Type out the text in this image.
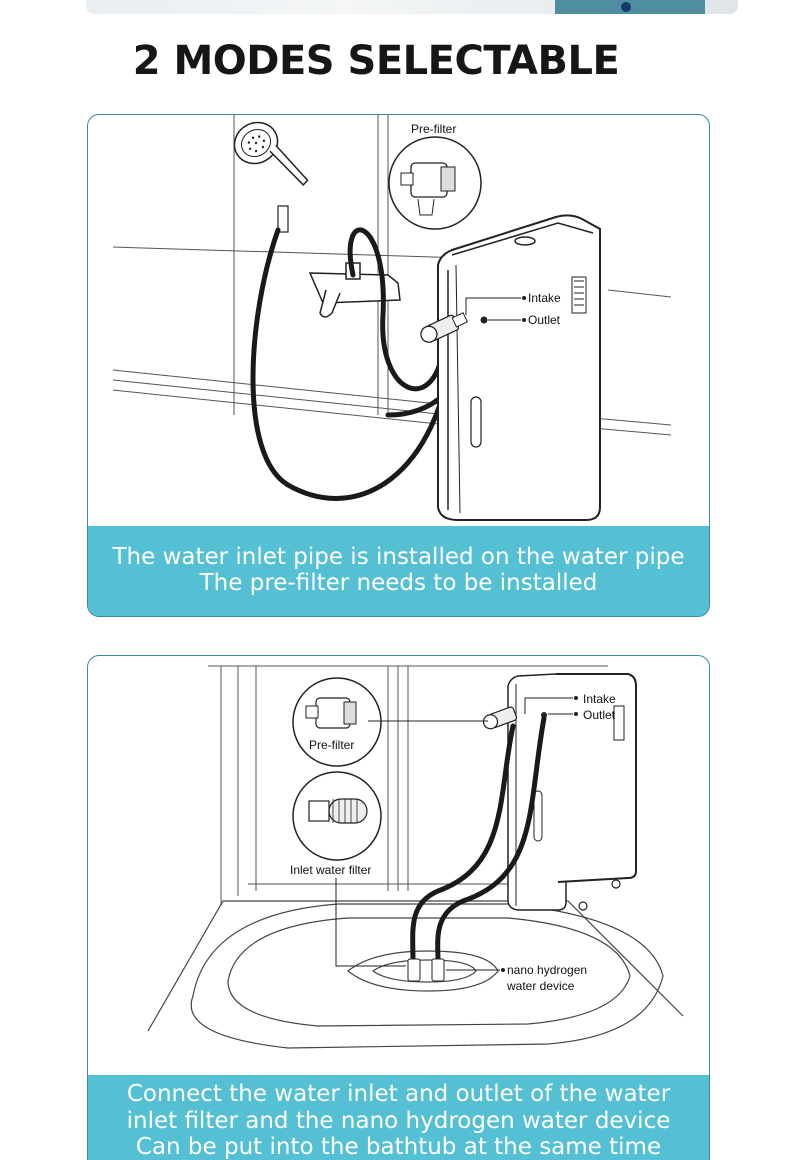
2 MODES SELECTABLE
Pre-filter
Intake
Outlet
The water inlet pipe is installed on the water pipe
The pre-filter needs to be installed
Pre-filter
Inlet water filter
Intake
Outlet
nano hydrogen
water device
Connect the water inlet and outlet of the water
inlet filter and the nano hydrogen water device
Can be put into the bathtub at the same time
